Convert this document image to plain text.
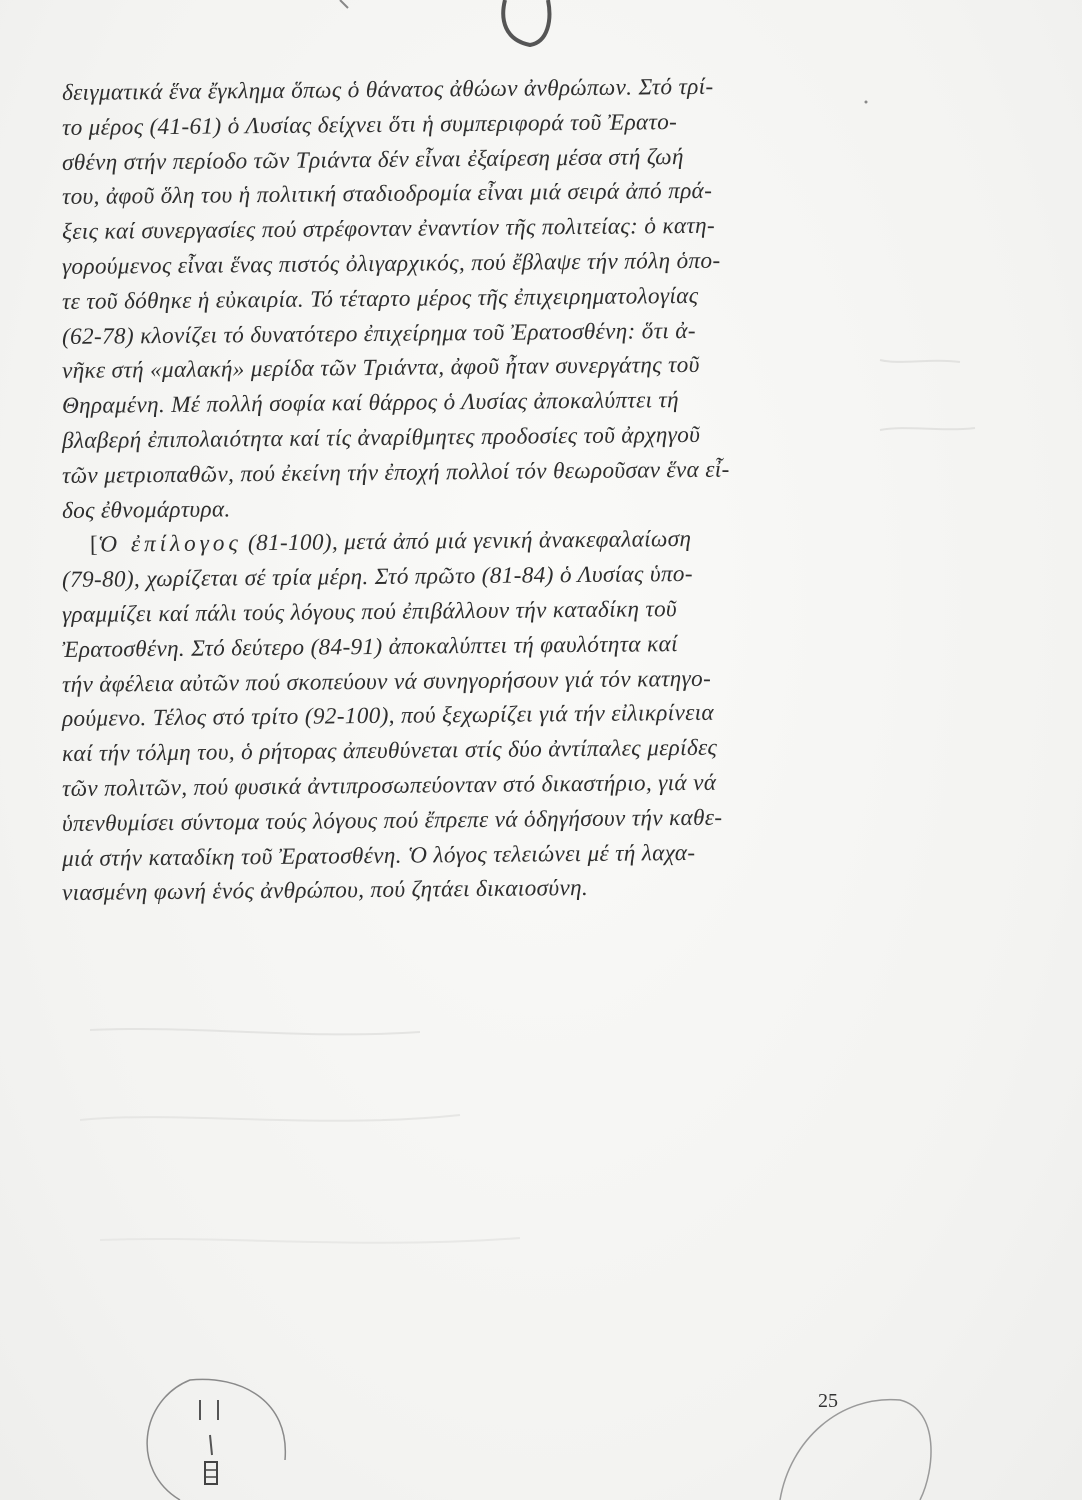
δειγματικά ἕνα ἔγκλημα ὅπως ὁ θάνατος ἀθώων ἀνθρώπων. Στό τρί-
το μέρος (41-61) ὁ Λυσίας δείχνει ὅτι ἡ συμπεριφορά τοῦ Ἐρατο-
σθένη στήν περίοδο τῶν Τριάντα δέν εἶναι ἐξαίρεση μέσα στή ζωή
του, ἀφοῦ ὅλη του ἡ πολιτική σταδιοδρομία εἶναι μιά σειρά ἀπό πρά-
ξεις καί συνεργασίες πού στρέφονταν ἐναντίον τῆς πολιτείας: ὁ κατη-
γορούμενος εἶναι ἕνας πιστός ὀλιγαρχικός, πού ἔβλαψε τήν πόλη ὁπο-
τε τοῦ δόθηκε ἡ εὐκαιρία. Τό τέταρτο μέρος τῆς ἐπιχειρηματολογίας
(62-78) κλονίζει τό δυνατότερο ἐπιχείρημα τοῦ Ἐρατοσθένη: ὅτι ἀ-
νῆκε στή «μαλακή» μερίδα τῶν Τριάντα, ἀφοῦ ἦταν συνεργάτης τοῦ
Θηραμένη. Μέ πολλή σοφία καί θάρρος ὁ Λυσίας ἀποκαλύπτει τή
βλαβερή ἐπιπολαιότητα καί τίς ἀναρίθμητες προδοσίες τοῦ ἀρχηγοῦ
τῶν μετριοπαθῶν, πού ἐκείνη τήν ἐποχή πολλοί τόν θεωροῦσαν ἕνα εἶ-
δος ἐθνομάρτυρα.
[Ὁ ἐπίλογος (81-100), μετά ἀπό μιά γενική ἀνακεφαλαίωση
(79-80), χωρίζεται σέ τρία μέρη. Στό πρῶτο (81-84) ὁ Λυσίας ὑπο-
γραμμίζει καί πάλι τούς λόγους πού ἐπιβάλλουν τήν καταδίκη τοῦ
Ἐρατοσθένη. Στό δεύτερο (84-91) ἀποκαλύπτει τή φαυλότητα καί
τήν ἀφέλεια αὐτῶν πού σκοπεύουν νά συνηγορήσουν γιά τόν κατηγο-
ρούμενο. Τέλος στό τρίτο (92-100), πού ξεχωρίζει γιά τήν εἰλικρίνεια
καί τήν τόλμη του, ὁ ρήτορας ἀπευθύνεται στίς δύο ἀντίπαλες μερίδες
τῶν πολιτῶν, πού φυσικά ἀντιπροσωπεύονταν στό δικαστήριο, γιά νά
ὑπενθυμίσει σύντομα τούς λόγους πού ἔπρεπε νά ὁδηγήσουν τήν καθε-
μιά στήν καταδίκη τοῦ Ἐρατοσθένη. Ὁ λόγος τελειώνει μέ τή λαχα-
νιασμένη φωνή ἑνός ἀνθρώπου, πού ζητάει δικαιοσύνη.
25
